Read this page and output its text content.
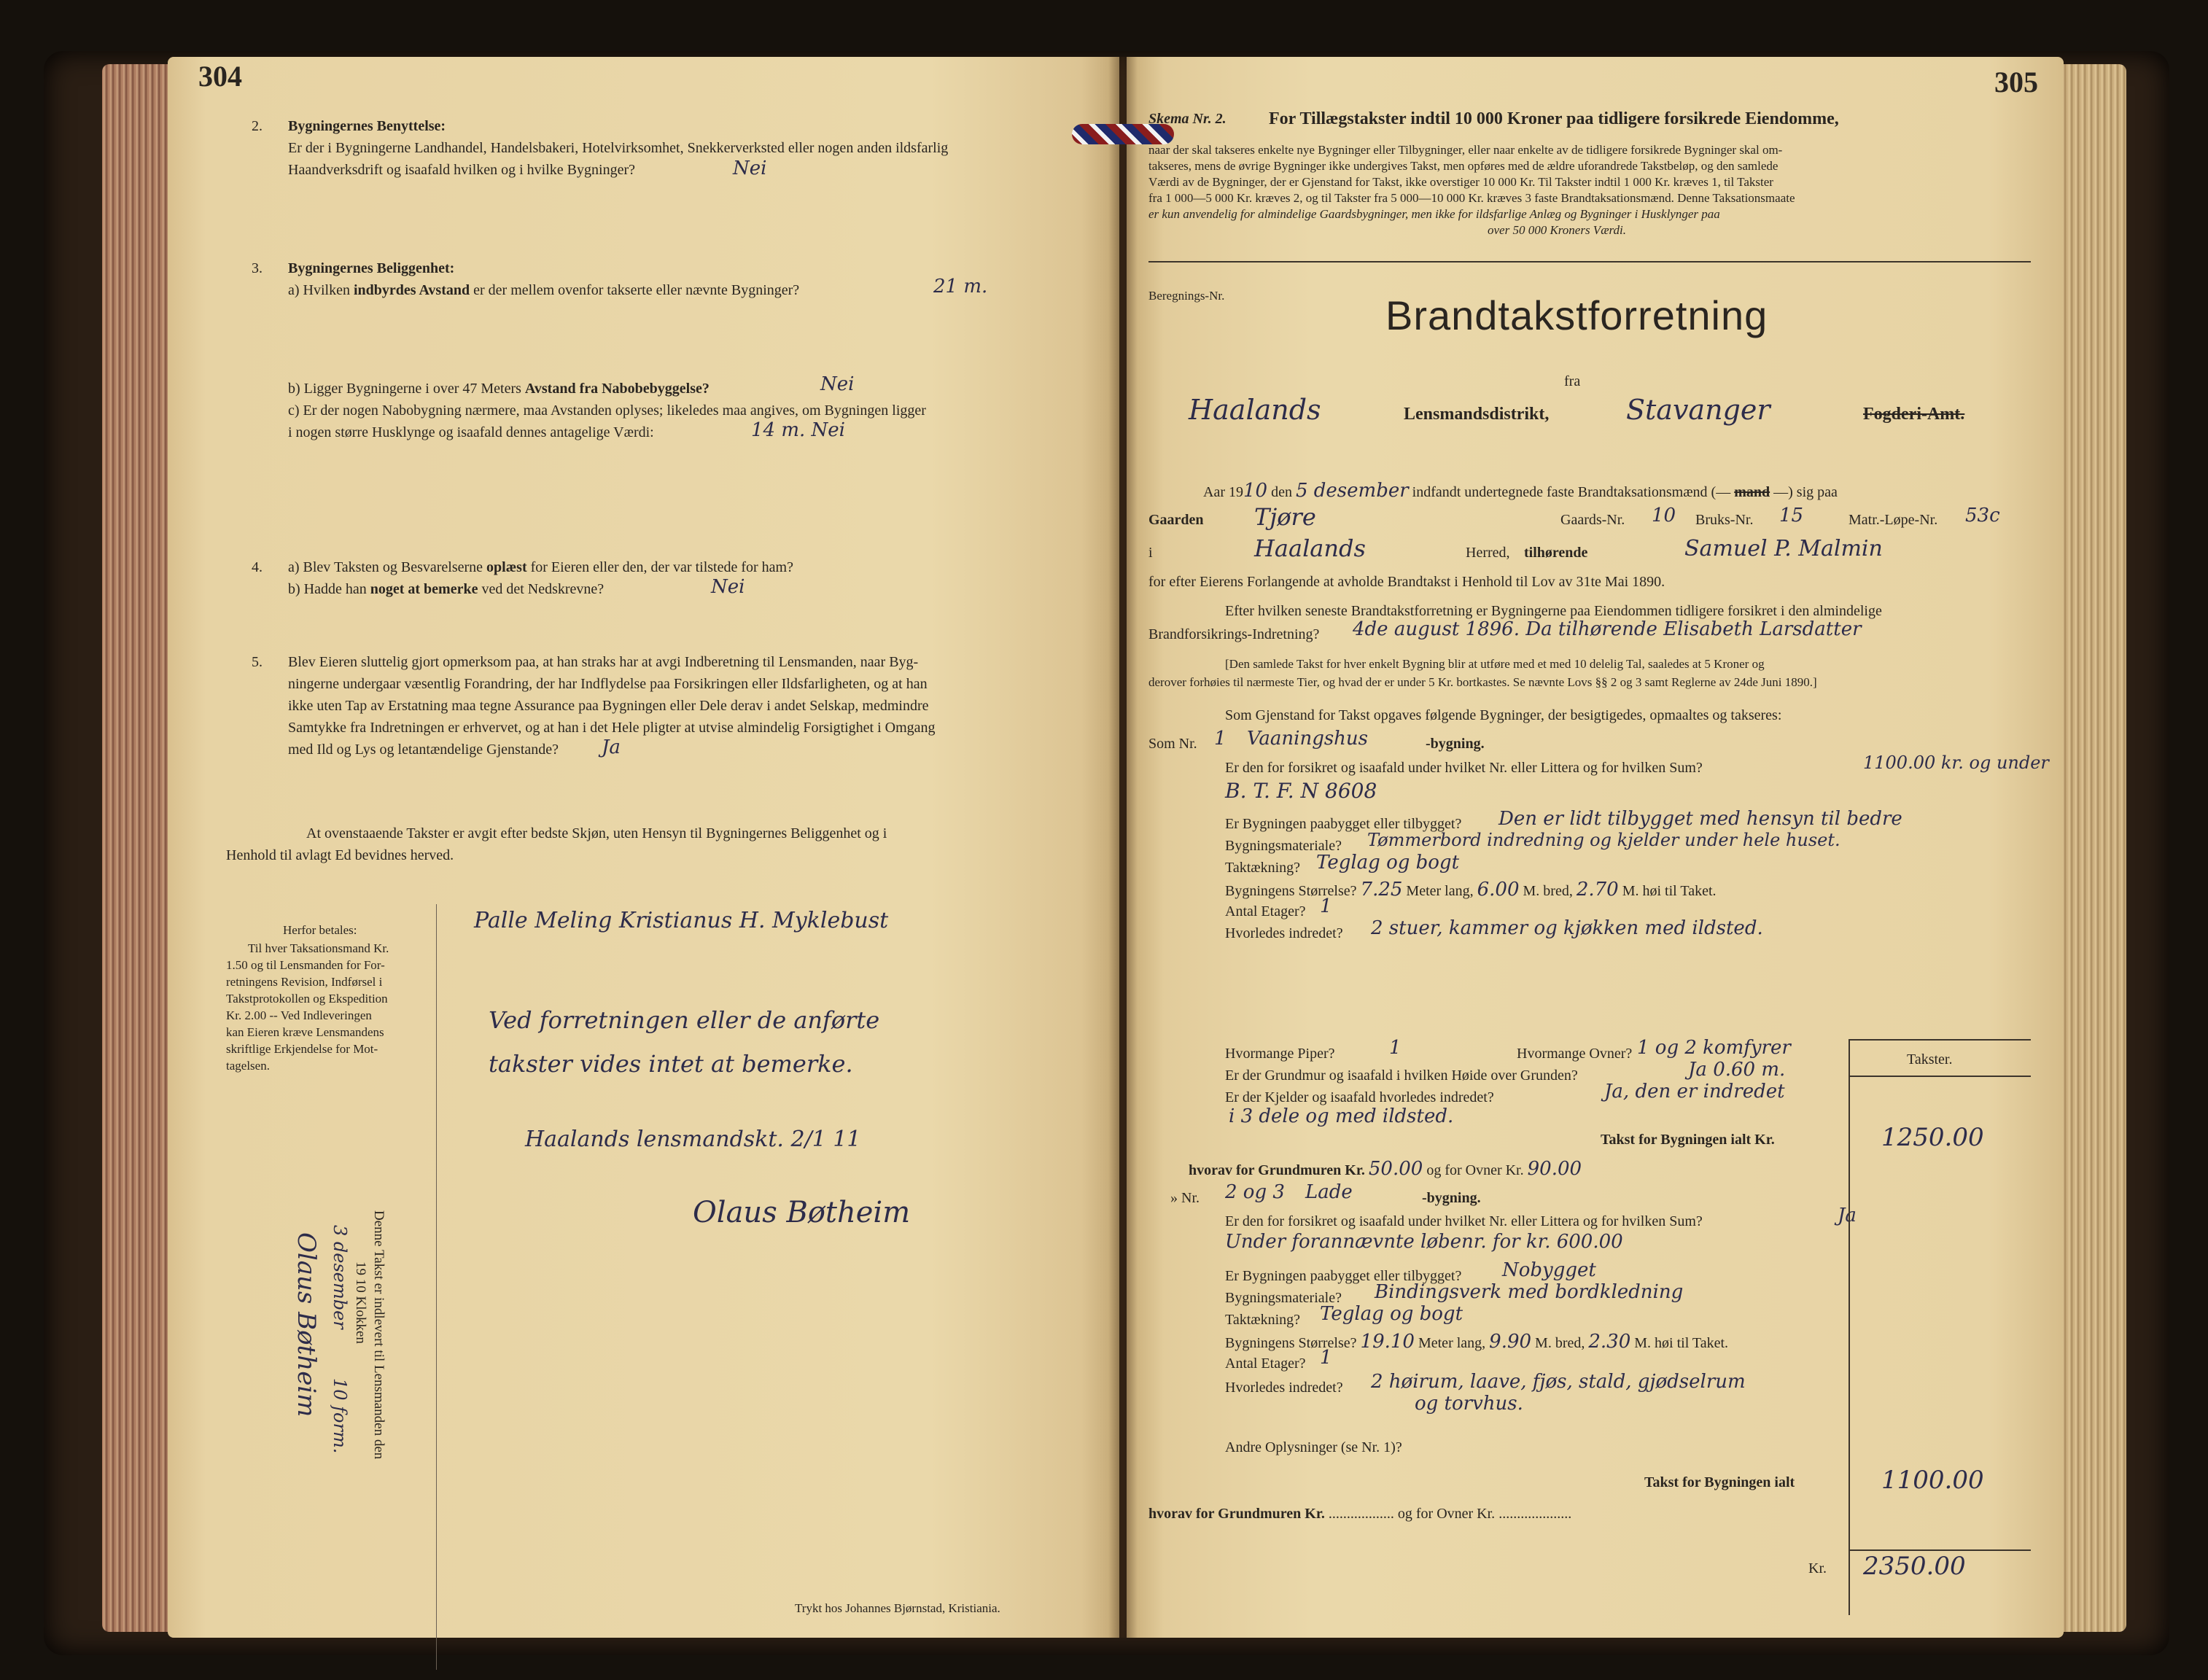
304
2. Bygningernes Benyttelse:
Er der i Bygningerne Landhandel, Handelsbakeri, Hotelvirksomhet, Snekkerverksted eller nogen anden ildsfarlig
Haandverksdrift og isaafald hvilken og i hvilke Bygninger?	Nei
3. Bygningernes Beliggenhet:
a) Hvilken indbyrdes Avstand er der mellem ovenfor takserte eller nævnte Bygninger?	21 m.
b) Ligger Bygningerne i over 47 Meters Avstand fra Nabobebyggelse?	Nei
c) Er der nogen Nabobygning nærmere, maa Avstanden oplyses; likeledes maa angives, om Bygningen ligger
i nogen større Husklynge og isaafald dennes antagelige Værdi:	14 m. Nei
4. a) Blev Taksten og Besvarelserne oplæst for Eieren eller den, der var tilstede for ham?
b) Hadde han noget at bemerke ved det Nedskrevne?	Nei
5. Blev Eieren sluttelig gjort opmerksom paa, at han straks har at avgi Indberetning til Lensmanden, naar Byg-
ningerne undergaar væsentlig Forandring, der har Indflydelse paa Forsikringen eller Ildsfarligheten, og at han
ikke uten Tap av Erstatning maa tegne Assurance paa Bygningen eller Dele derav i andet Selskap, medmindre
Samtykke fra Indretningen er erhvervet, og at han i det Hele pligter at utvise almindelig Forsigtighet i Omgang
med Ild og Lys og letantændelige Gjenstande? Ja
At ovenstaaende Takster er avgit efter bedste Skjøn, uten Hensyn til Bygningernes Beliggenhet og i
Henhold til avlagt Ed bevidnes herved.
Herfor betales:
Til hver Taksationsmand Kr.
1.50 og til Lensmanden for For-
retningens Revision, Indførsel i
Takstprotokollen og Ekspedition
Kr. 2.00 -- Ved Indleveringen
kan Eieren kræve Lensmandens
skriftlige Erkjendelse for Mot-
tagelsen.
Palle Meling Kristianus H. Myklebust
Ved forretningen eller de anførte
takster vides intet at bemerke.
Haalands lensmandskt. 2/1 11
Olaus Bøtheim
Denne Takst er indlevert til Lensmanden den
19 10 Klokken
3 desember
10 form.
Olaus Bøtheim
Trykt hos Johannes Bjørnstad, Kristiania.
Skema Nr. 2.
305
For Tillægstakster indtil 10 000 Kroner paa tidligere forsikrede Eiendomme,
naar der skal takseres enkelte nye Bygninger eller Tilbygninger, eller naar enkelte av de tidligere forsikrede Bygninger skal om-
takseres, mens de øvrige Bygninger ikke undergives Takst, men opføres med de ældre uforandrede Takstbeløp, og den samlede
Værdi av de Bygninger, der er Gjenstand for Takst, ikke overstiger 10 000 Kr. Til Takster indtil 1 000 Kr. kræves 1, til Takster
fra 1 000—5 000 Kr. kræves 2, og til Takster fra 5 000—10 000 Kr. kræves 3 faste Brandtaksationsmænd. Denne Taksationsmaate
er kun anvendelig for almindelige Gaardsbygninger, men ikke for ildsfarlige Anlæg og Bygninger i Husklynger paa
over 50 000 Kroners Værdi.
Beregnings-Nr.	Brandtakstforretning
fra
Haalands	Lensmandsdistrikt,	Stavanger	Fogderi-Amt.
Aar 1910 den 5 desember indfandt undertegnede faste Brandtaksationsmænd (— mand —) sig paa
Gaarden Tjøre	Gaards-Nr. 10 Bruks-Nr. 15	Matr.-Løpe-Nr. 53c
i	Haalands	Herred, tilhørende	Samuel P. Malmin
for efter Eierens Forlangende at avholde Brandtakst i Henhold til Lov av 31te Mai 1890.
Efter hvilken seneste Brandtakstforretning er Bygningerne paa Eiendommen tidligere forsikret i den almindelige
Brandforsikrings-Indretning? 4de august 1896. Da tilhørende Elisabeth Larsdatter
[Den samlede Takst for hver enkelt Bygning blir at utføre med et med 10 delelig Tal, saaledes at 5 Kroner og
derover forhøies til nærmeste Tier, og hvad der er under 5 Kr. bortkastes. Se nævnte Lovs §§ 2 og 3 samt Reglerne av 24de Juni 1890.]
Som Gjenstand for Takst opgaves følgende Bygninger, der besigtigedes, opmaaltes og takseres:
Som Nr. 1 Vaaningshus	-bygning.
Er den for forsikret og isaafald under hvilket Nr. eller Littera og for hvilken Sum?	1100.00 kr. og under
B. T. F. N 8608
Er Bygningen paabygget eller tilbygget? Den er lidt tilbygget med hensyn til bedre
Bygningsmateriale? Tømmerbord indredning og kjelder under hele huset.
Taktækning? Teglag og bogt
Bygningens Størrelse? 7.25 Meter lang, 6.00 M. bred, 2.70 M. høi til Taket.
Antal Etager? 1
Hvorledes indredet? 2 stuer, kammer og kjøkken med ildsted.
Hvormange Piper?	1	Hvormange Ovner? 1 og 2 komfyrer
Er der Grundmur og isaafald i hvilken Høide over Grunden?	Ja 0.60 m.
Er der Kjelder og isaafald hvorledes indredet?	Ja, den er indredet
i 3 dele og med ildsted.
Takst for Bygningen ialt Kr.	1250.00
hvorav for Grundmuren Kr. 50.00 og for Ovner Kr. 90.00
» Nr. 2 og 3 Lade	-bygning.
Er den for forsikret og isaafald under hvilket Nr. eller Littera og for hvilken Sum?	Ja
Under forannævnte løbenr. for kr. 600.00
Er Bygningen paabygget eller tilbygget? Nobygget
Bygningsmateriale? Bindingsverk med bordkledning
Taktækning? Teglag og bogt
Bygningens Størrelse? 19.10 Meter lang, 9.90 M. bred, 2.30 M. høi til Taket.
Antal Etager? 1
Hvorledes indredet? 2 høirum, laave, fjøs, stald, gjødselrum
og torvhus.
Andre Oplysninger (se Nr. 1)?
Takst for Bygningen ialt	1100.00
hvorav for Grundmuren Kr. .................. og for Ovner Kr. ....................
Takster.
Kr. 2350.00
